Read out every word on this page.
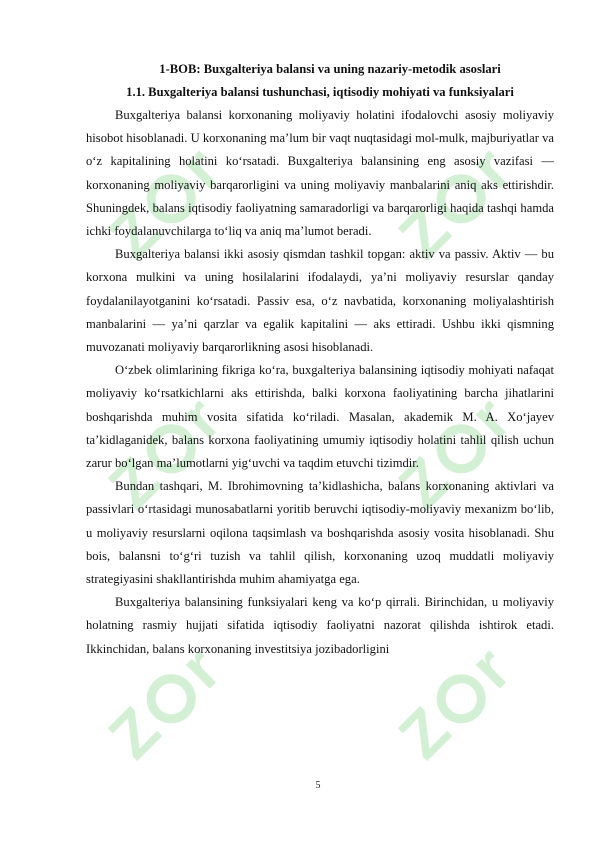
Z
r
Z
r
Z
r
Z
r
Z
r
Z
r
1-BOB: Buxgalteriya balansi va uning nazariy-metodik asoslari
1.1. Buxgalteriya balansi tushunchasi, iqtisodiy mohiyati va funksiyalari

Buxgalteriya balansi korxonaning moliyaviy holatini ifodalovchi asosiy moliyaviy hisobot hisoblanadi. U korxonaning ma’lum bir vaqt nuqtasidagi mol-mulk, majburiyatlar va o‘z kapitalining holatini ko‘rsatadi. Buxgalteriya balansining eng asosiy vazifasi — korxonaning moliyaviy barqarorligini va uning moliyaviy manbalarini aniq aks ettirishdir. Shuningdek, balans iqtisodiy faoliyatning samaradorligi va barqarorligi haqida tashqi hamda ichki foydalanuvchilarga to‘liq va aniq ma’lumot beradi.

Buxgalteriya balansi ikki asosiy qismdan tashkil topgan: aktiv va passiv. Aktiv — bu korxona mulkini va uning hosilalarini ifodalaydi, ya’ni moliyaviy resurslar qanday foydalanilayotganini ko‘rsatadi. Passiv esa, o‘z navbatida, korxonaning moliyalashtirish manbalarini — ya’ni qarzlar va egalik kapitalini — aks ettiradi. Ushbu ikki qismning muvozanati moliyaviy barqarorlikning asosi hisoblanadi.

O‘zbek olimlarining fikriga ko‘ra, buxgalteriya balansining iqtisodiy mohiyati nafaqat moliyaviy ko‘rsatkichlarni aks ettirishda, balki korxona faoliyatining barcha jihatlarini boshqarishda muhim vosita sifatida ko‘riladi. Masalan, akademik M. A. Xo‘jayev ta’kidlaganidek, balans korxona faoliyatining umumiy iqtisodiy holatini tahlil qilish uchun zarur bo‘lgan ma’lumotlarni yig‘uvchi va taqdim etuvchi tizimdir.

Bundan tashqari, M. Ibrohimovning ta’kidlashicha, balans korxonaning aktivlari va passivlari o‘rtasidagi munosabatlarni yoritib beruvchi iqtisodiy-moliyaviy mexanizm bo‘lib, u moliyaviy resurslarni oqilona taqsimlash va boshqarishda asosiy vosita hisoblanadi. Shu bois, balansni to‘g‘ri tuzish va tahlil qilish, korxonaning uzoq muddatli moliyaviy strategiyasini shakllantirishda muhim ahamiyatga ega.

Buxgalteriya balansining funksiyalari keng va ko‘p qirrali. Birinchidan, u moliyaviy holatning rasmiy hujjati sifatida iqtisodiy faoliyatni nazorat qilishda ishtirok etadi. Ikkinchidan, balans korxonaning investitsiya jozibadorligini

5
